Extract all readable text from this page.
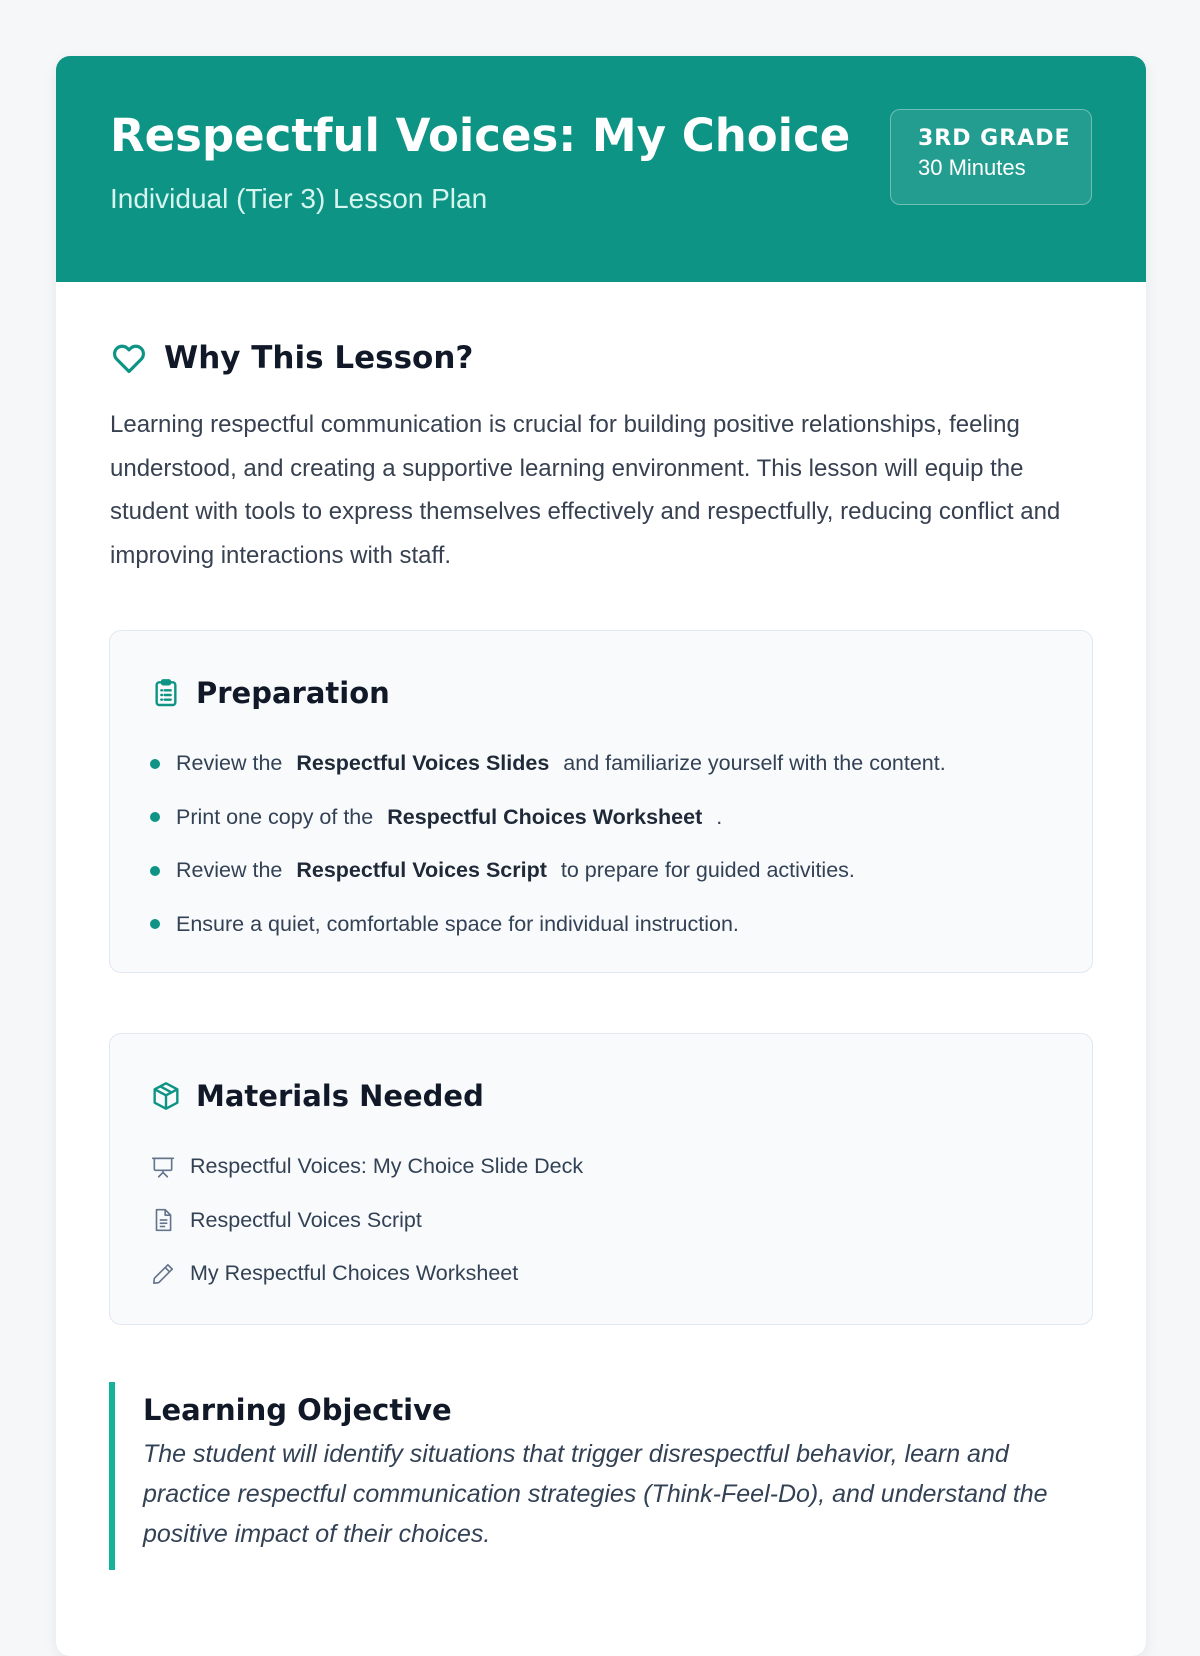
Respectful Voices: My Choice
Individual (Tier 3) Lesson Plan
3RD GRADE
30 Minutes
Why This Lesson?

Learning respectful communication is crucial for building positive relationships, feeling understood, and creating a supportive learning environment. This lesson will equip the student with tools to express themselves effectively and respectfully, reducing conflict and improving interactions with staff.

Preparation
Review the Respectful Voices Slides and familiarize yourself with the content.
Print one copy of the Respectful Choices Worksheet .
Review the Respectful Voices Script to prepare for guided activities.
Ensure a quiet, comfortable space for individual instruction.
Materials Needed
Respectful Voices: My Choice Slide Deck
Respectful Voices Script
My Respectful Choices Worksheet
Learning Objective

The student will identify situations that trigger disrespectful behavior, learn and practice respectful communication strategies (Think-Feel-Do), and understand the positive impact of their choices.
